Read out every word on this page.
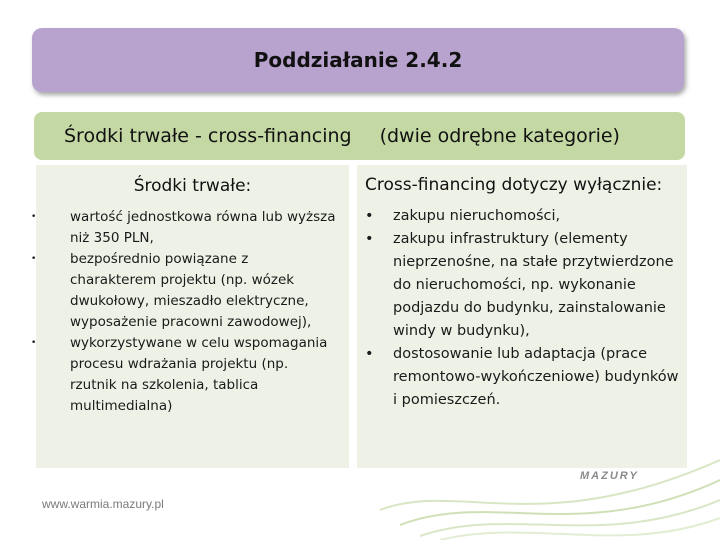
Poddziałanie 2.4.2
Środki trwałe - cross-financing (dwie odrębne kategorie)
Środki trwałe:
• wartość jednostkowa równa lub wyższa niż 350 PLN,
• bezpośrednio powiązane z charakterem projektu (np. wózek dwukołowy, mieszadło elektryczne, wyposażenie pracowni zawodowej),
• wykorzystywane w celu wspomagania procesu wdrażania projektu (np. rzutnik na szkolenia, tablica multimedialna)
Cross-financing dotyczy wyłącznie:
• zakupu nieruchomości,
• zakupu infrastruktury (elementy nieprzenośne, na stałe przytwierdzone do nieruchomości, np. wykonanie podjazdu do budynku, zainstalowanie windy w budynku),
• dostosowanie lub adaptacja (prace remontowo-wykończeniowe) budynków i pomieszczeń.
MAZURY
www.warmia.mazury.pl
